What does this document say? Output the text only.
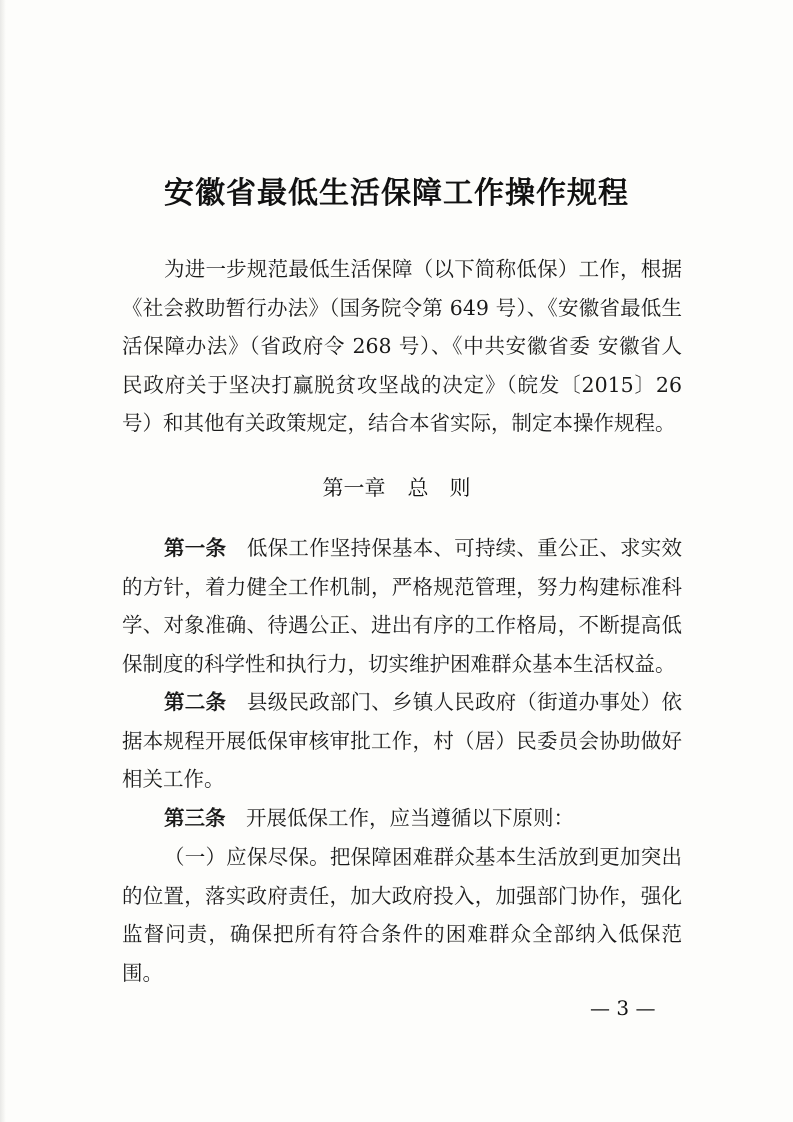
安徽省最低生活保障工作操作规程

为进一步规范最低生活保障（以下简称低保）工作，根据《社会救助暂行办法》（国务院令第 649 号）、《安徽省最低生活保障办法》（省政府令 268 号）、《中共安徽省委 安徽省人民政府关于坚决打赢脱贫攻坚战的决定》（皖发〔2015〕26 号）和其他有关政策规定，结合本省实际，制定本操作规程。

第一章 总　则

第一条　 低保工作坚持保基本、可持续、重公正、求实效的方针，着力健全工作机制，严格规范管理，努力构建标准科学、对象准确、待遇公正、进出有序的工作格局，不断提高低保制度的科学性和执行力，切实维护困难群众基本生活权益。

第二条　 县级民政部门、乡镇人民政府（街道办事处）依据本规程开展低保审核审批工作，村（居）民委员会协助做好相关工作。

第三条　 开展低保工作，应当遵循以下原则：

（一）应保尽保。把保障困难群众基本生活放到更加突出的位置，落实政府责任，加大政府投入，加强部门协作，强化监督问责，确保把所有符合条件的困难群众全部纳入低保范围。

— 3 —
